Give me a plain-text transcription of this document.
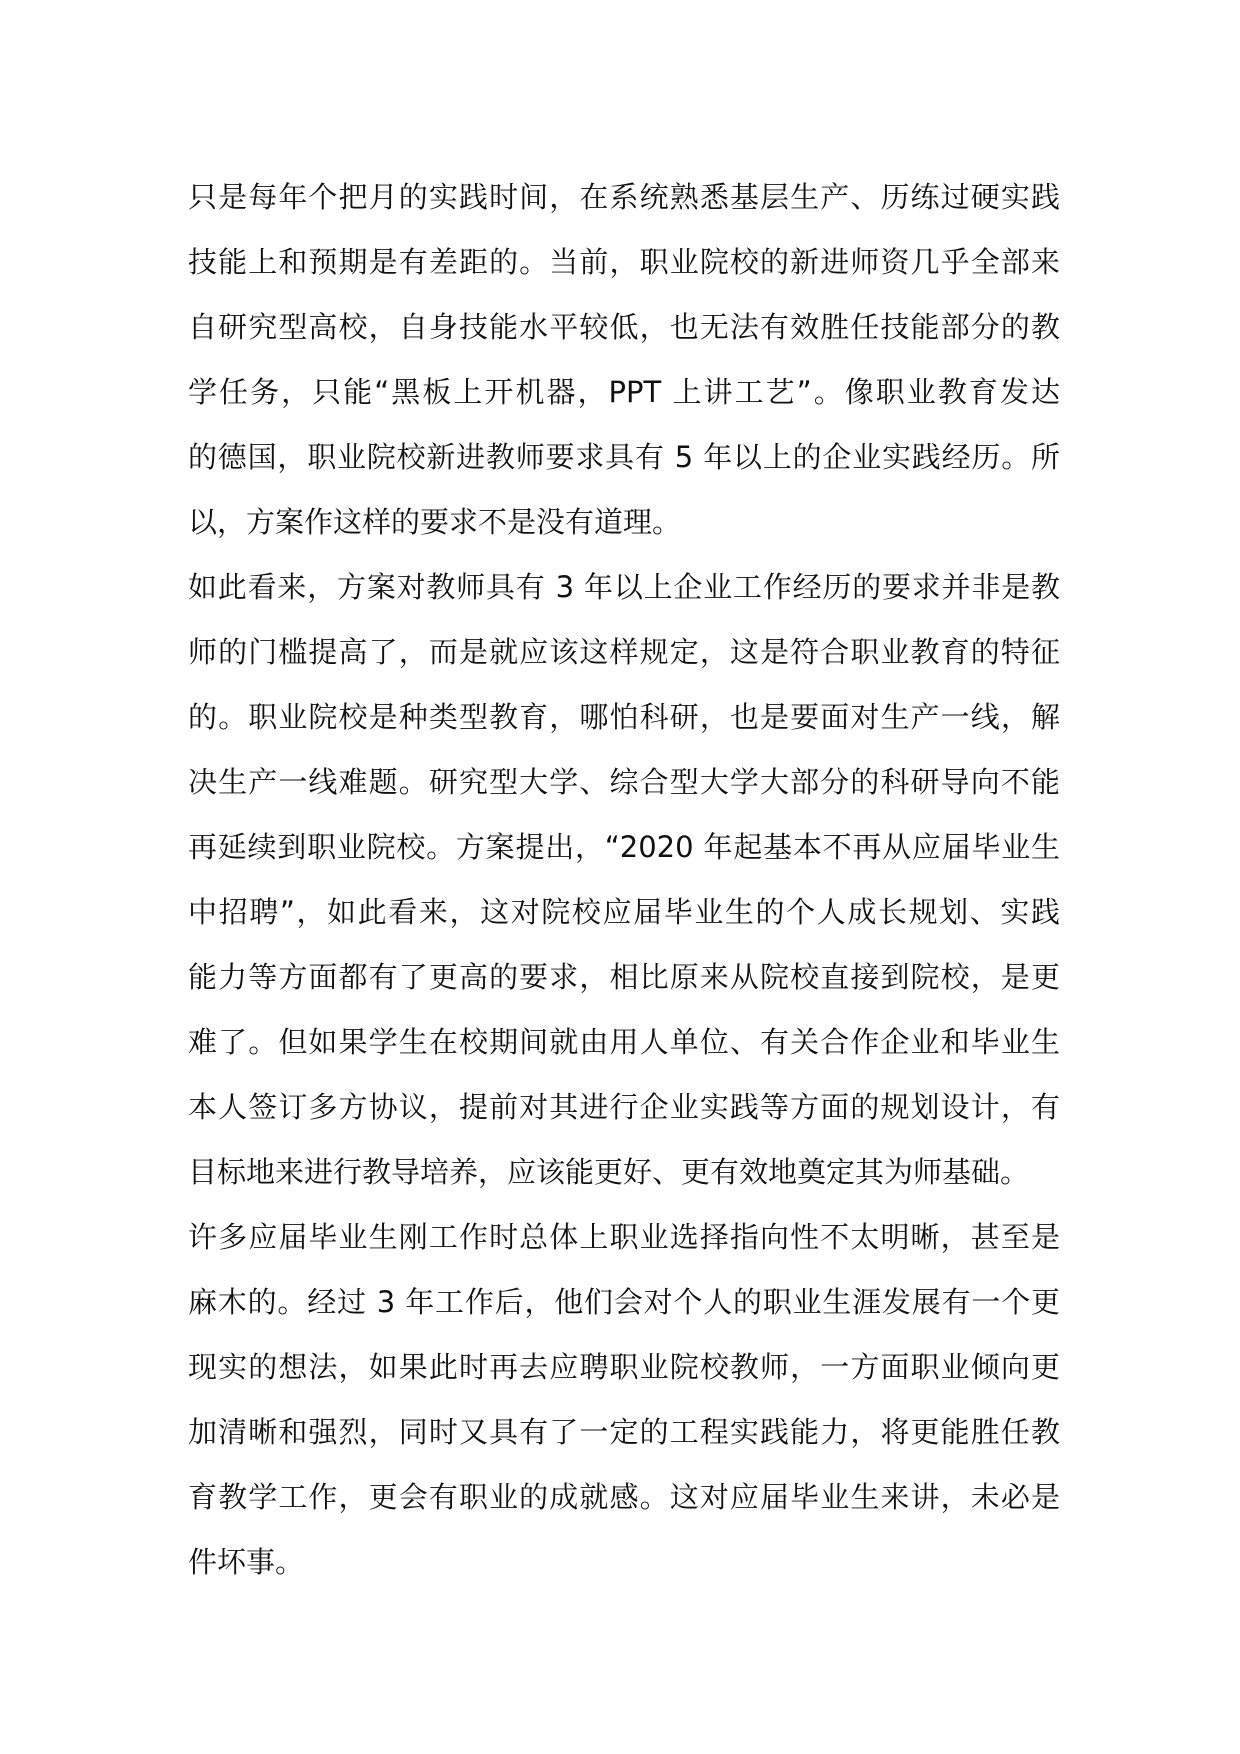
只是每年个把月的实践时间，在系统熟悉基层生产、历练过硬实践
技能上和预期是有差距的。当前，职业院校的新进师资几乎全部来
自研究型高校，自身技能水平较低，也无法有效胜任技能部分的教
学任务，只能“黑板上开机器，PPT 上讲工艺”。像职业教育发达
的德国，职业院校新进教师要求具有 5 年以上的企业实践经历。所
以，方案作这样的要求不是没有道理。
如此看来，方案对教师具有 3 年以上企业工作经历的要求并非是教
师的门槛提高了，而是就应该这样规定，这是符合职业教育的特征
的。职业院校是种类型教育，哪怕科研，也是要面对生产一线，解
决生产一线难题。研究型大学、综合型大学大部分的科研导向不能
再延续到职业院校。方案提出，“2020 年起基本不再从应届毕业生
中招聘”，如此看来，这对院校应届毕业生的个人成长规划、实践
能力等方面都有了更高的要求，相比原来从院校直接到院校，是更
难了。但如果学生在校期间就由用人单位、有关合作企业和毕业生
本人签订多方协议，提前对其进行企业实践等方面的规划设计，有
目标地来进行教导培养，应该能更好、更有效地奠定其为师基础。
许多应届毕业生刚工作时总体上职业选择指向性不太明晰，甚至是
麻木的。经过 3 年工作后，他们会对个人的职业生涯发展有一个更
现实的想法，如果此时再去应聘职业院校教师，一方面职业倾向更
加清晰和强烈，同时又具有了一定的工程实践能力，将更能胜任教
育教学工作，更会有职业的成就感。这对应届毕业生来讲，未必是
件坏事。
